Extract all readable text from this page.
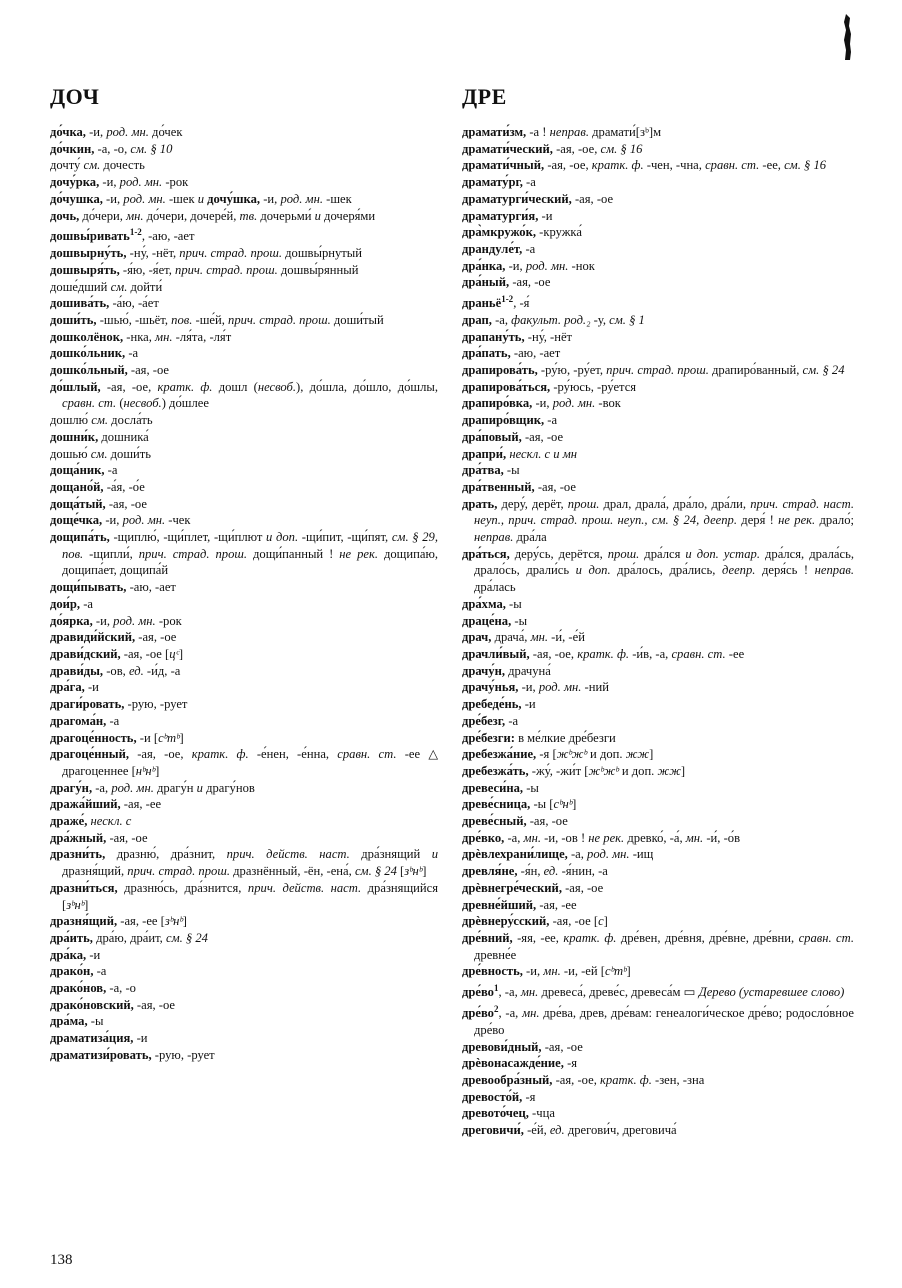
ДОЧ	ДРЕ

до́чка, -и, род. мн. до́чек

до́чкин, -а, -о, см. § 10

дочту́ см. дочесть

дочу́рка, -и, род. мн. -рок

до́чушка, -и, род. мн. -шек и дочу́шка, -и, род. мн. -шек

дочь, до́чери, мн. до́чери, дочере́й, тв. дочерьми́ и дочеря́ми

дошвы́ривать$^{1-2}$, -аю, -ает

дошвырну́ть, -ну́, -нёт, прич. страд. прош. дошвы́рнутый

дошвыря́ть, -я́ю, -я́ет, прич. страд. прош. дошвы́рянный

доше́дший см. дойти́

дошива́ть, -а́ю, -а́ет

доши́ть, -шью́, -шьёт, пов. -ше́й, прич. страд. прош. доши́тый

дошколёнок, -нка, мн. -ля́та, -ля́т

дошко́льник, -а

дошко́льный, -ая, -ое

до́шлый, -ая, -ое, кратк. ф. дошл (несвоб.), до́шла, до́шло, до́шлы, сравн. ст. (несвоб.) до́шлее

дошлю́ см. досла́ть

дошни́к, дошника́

дошью́ см. доши́ть

доща́ник, -а

дощано́й, -а́я, -о́е

доща́тый, -ая, -ое

доще́чка, -и, род. мн. -чек

дощипа́ть, -щиплю́, -щи́плет, -щи́плют и доп. -щи́пит, -щи́пят, см. § 29, пов. -щипли́, прич. страд. прош. дощи́панный ! не рек. дощипа́ю, дощипа́ет, дощипа́й

дощи́пывать, -аю, -ает

дои́р, -а

до́ярка, -и, род. мн. -рок

дравиди́йский, -ая, -ое

драви́дский, -ая, -ое [цᶜ]

драви́ды, -ов, ед. -и́д, -а

дра́га, -и

драги́ровать, -рую, -рует

драгома́н, -а

драгоце́нность, -и [сᵇтᵇ]

драгоце́нный, -ая, -ое, кратк. ф. -е́нен, -е́нна, сравн. ст. -ее △ драгоценнее [нᵇнᵇ]

драгу́н, -а, род. мн. драгу́н и драгу́нов

дража́йший, -ая, -ее

драже́, нескл. с

дра́жный, -ая, -ое

дразни́ть, дразню́, дра́знит, прич. действ. наст. дра́знящий и дразня́щий, прич. страд. прош. дразнённый, -ён, -ена́, см. § 24 [зᵇнᵇ]

дразни́ться, дразню́сь, дра́знится, прич. действ. наст. дра́знящийся [зᵇнᵇ]

дразня́щий, -ая, -ее [зᵇнᵇ]

дра́ить, дра́ю, дра́ит, см. § 24

дра́ка, -и

драко́н, -а

драко́нов, -а, -о

драко́новский, -ая, -ое

дра́ма, -ы

драматиза́ция, -и

драматизи́ровать, -рую, -рует

драмати́зм, -а ! неправ. драмати́[зᵇ]м

драмати́ческий, -ая, -ое, см. § 16

драмати́чный, -ая, -ое, кратк. ф. -чен, -чна, сравн. ст. -ее, см. § 16

драмату́рг, -а

драматурги́ческий, -ая, -ое

драматурги́я, -и

дра̀мкружо́к, -кружка́

драндуле́т, -а

дра́нка, -и, род. мн. -нок

дра́ный, -ая, -ое

драньё$^{1-2}$, -я́

драп, -а, факульт. род.₂ -у, см. § 1

драпану́ть, -ну́, -нёт

дра́пать, -аю, -ает

драпирова́ть, -ру́ю, -ру́ет, прич. страд. прош. драпиро́ванный, см. § 24

драпирова́ться, -ру́юсь, -ру́ется

драпиро́вка, -и, род. мн. -вок

драпиро́вщик, -а

дра́повый, -ая, -ое

драпри́, нескл. с и мн

дра́тва, -ы

дра́твенный, -ая, -ое

драть, деру́, дерёт, прош. драл, драла́, дра́ло, дра́ли, прич. страд. наст. неуп., прич. страд. прош. неуп., см. § 24, деепр. деря́ ! не рек. драло́; неправ. дра́ла

дра́ться, деру́сь, дерётся, прош. дра́лся и доп. устар. дра́лся, драла́сь, драло́сь, драли́сь и доп. дра́лось, дра́лись, деепр. деря́сь ! неправ. дра́лась

дра́хма, -ы

драце́на, -ы

драч, драча́, мн. -и́, -е́й

драчли́вый, -ая, -ое, кратк. ф. -и́в, -а, сравн. ст. -ее

драчу́н, драчуна́

драчу́нья, -и, род. мн. -ний

дребеде́нь, -и

дре́безг, -а

дре́безги: в ме́лкие дре́безги

дребезжа́ние, -я [жᵇжᵇ и доп. жж]

дребезжа́ть, -жу́, -жи́т [жᵇжᵇ и доп. жж]

древеси́на, -ы

древе́сница, -ы [сᵇнᵇ]

древе́сный, -ая, -ое

дре́вко, -а, мн. -и, -ов ! не рек. древко́, -а́, мн. -и́, -о́в

дрѐвлехрани́лище, -а, род. мн. -ищ

древля́не, -я́н, ед. -я́нин, -а

дрѐвнегре́ческий, -ая, -ое

древне́йший, -ая, -ее

дрѐвнеру́сский, -ая, -ое [с]

дре́вний, -яя, -ее, кратк. ф. дре́вен, дре́вня, дре́вне, дре́вни, сравн. ст. древне́е

дре́вность, -и, мн. -и, -ей [сᵇтᵇ]

$дре́во^1$, -а, мн. древеса́, древе́с, древеса́м ▭ Дерево (устаревшее слово)

$дре́во^2$, -а, мн. дре́ва, древ, дре́вам: генеалоги́ческое дре́во; родосло́вное дре́во

древови́дный, -ая, -ое

дрѐвонасажде́ние, -я

древообра́зный, -ая, -ое, кратк. ф. -зен, -зна

древосто́й, -я

древото́чец, -чца

дреговичи́, -е́й, ед. дрегови́ч, дреговича́

138
